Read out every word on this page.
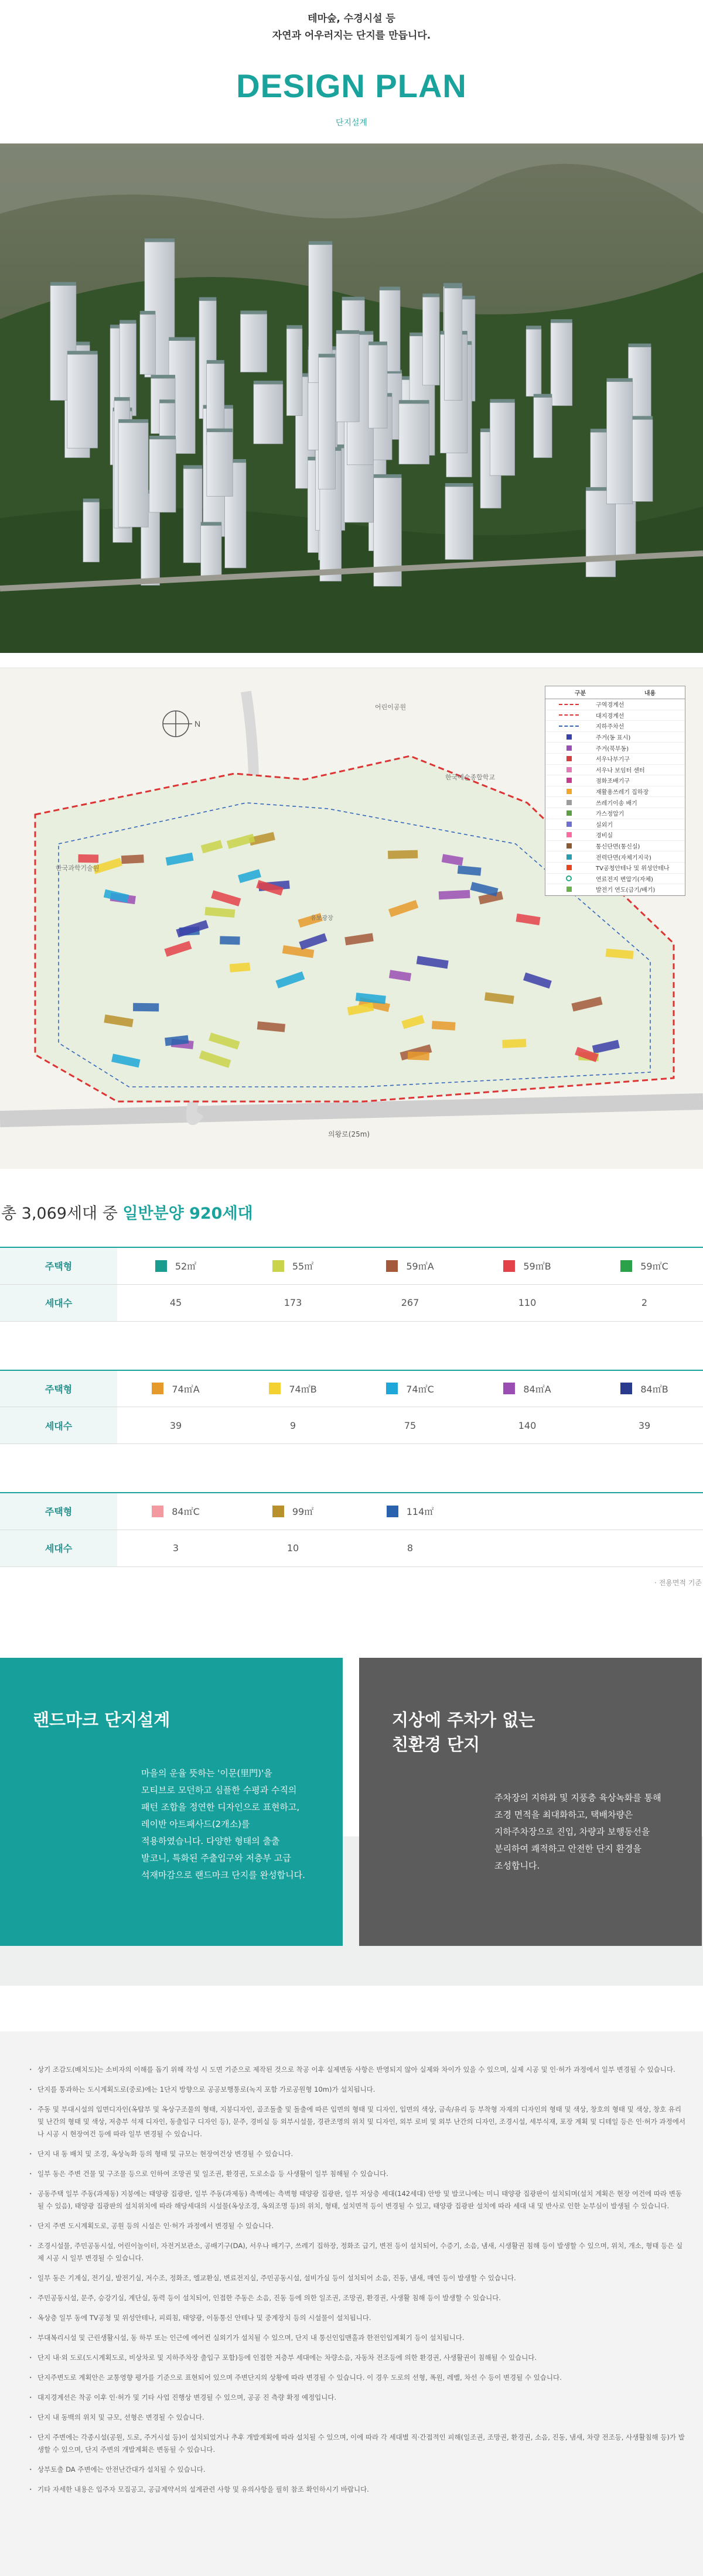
테마숲, 수경시설 등
자연과 어우러지는 단지를 만듭니다.
DESIGN PLAN
단지설계
N
어린이공원
한국예술종합학교
한국과학기술원
의왕로(25m)
유보광장
구분	내용
구역경계선
대지경계선
지하주차선
주거(동 표시)
주거(북부동)
서우나부기구
서우나 보임터 센터
점화조배기구
재활용쓰레기 집하장
쓰레기이송 배기
가스정압기
실외기
경비실
통신단면(통신실)
전력단면(자체기지국)
TV공청안테나 및 위성안테나
연료전지 변압기(자체)
발전기 연도(급기/배기)
총 3,069세대 중 일반분양 920세대
주택형	52㎡	55㎡	59㎡A	59㎡B	59㎡C
세대수	45	173	267	110	2
주택형	74㎡A	74㎡B	74㎡C	84㎡A	84㎡B
세대수	39	9	75	140	39
주택형	84㎡C	99㎡	114㎡		
세대수	3	10	8		
· 전용면적 기준
랜드마크 단지설계
마을의 운율 뜻하는 '이문(里門)'을
모티브로 모던하고 심플한 수평과 수직의
패턴 조합을 정연한 디자인으로 표현하고,
레이반 아트패사드(2개소)를
적용하였습니다. 다양한 형태의 출출
발코니, 특화된 주출입구와 저층부 고급
석재마감으로 랜드마크 단지를 완성합니다.
지상에 주차가 없는
친환경 단지
주차장의 지하화 및 지풍층 육상녹화를 통해
조경 면적을 최대화하고, 택배차량은
지하주차장으로 진입, 차량과 보행동선을
분리하여 쾌적하고 안전한 단지 환경을
조성합니다.
· 상기 조감도(배치도)는 소비자의 이해를 돕기 위해 작성 시 도면 기준으로 제작된 것으로 착공 이후 실제변동 사항은 반영되지 않아 실제와 차이가 있을 수 있으며, 실제 시공 및 인·허가 과정에서 일부 변경될 수 있습니다.
· 단지를 통과하는 도시계획도로(중로)에는 1단지 방향으로 공공보행통로(녹지 포함 가로공원형 10m)가 설치됩니다.
· 주동 및 부대시설의 입면디자인(옥탑부 및 옥상구조물의 형태, 지붕디자인, 골조돌출 및 돌출에 따른 입면의 형태 및 디자인, 입면의 색상, 금속/유리 등 부착형 자재의 디자인의 형태 및 색상, 창호의 형태 및 색상, 창호 유리 및 난간의 형태 및 색상, 저층부 석재 디자인, 동출입구 디자인 등), 문주, 경비실 등 외부시설물, 경관조명의 위치 및 디자인, 외부 로비 및 외부 난간의 디자인, 조경시설, 세부식재, 포장 계획 및 디테일 등은 인·허가 과정에서나 시공 시 현장여건 등에 따라 일부 변경될 수 있습니다.
· 단지 내 동 배치 및 조경, 옥상녹화 등의 형태 및 규모는 현장여건상 변경될 수 있습니다.
· 일부 동은 주변 건물 및 구조물 등으로 인하여 조망권 및 일조권, 환경권, 도로소음 등 사생활이 일부 침해될 수 있습니다.
· 공동주택 일부 주동(과제동) 지붕에는 태양광 집광판, 일부 주동(과제동) 측벽에는 측벽형 태양광 집광판, 일부 저상층 세대(142세대) 안방 및 발코니에는 미니 태양광 집광판이 설치되며(설치 계획은 현장 여건에 따라 변동될 수 있음), 태양광 집광판의 설치위치에 따라 해당세대의 시설물(옥상조경, 옥외조명 등)의 위치, 형태, 설치면적 등이 변경될 수 있고, 태양광 집광판 설치에 따라 세대 내 및 반사로 인한 눈부심이 발생될 수 있습니다.
· 단지 주변 도시계획도로, 공원 등의 시설은 인·허가 과정에서 변경될 수 있습니다.
· 조경시설물, 주민공동시설, 어린이놀이터, 자전거보관소, 공배기구(DA), 서우나 배기구, 쓰레기 집하장, 정화조 급기, 변전 등이 설치되어, 수증기, 소음, 냄새, 시생활권 침해 등이 발생할 수 있으며, 위치, 개소, 형태 등은 실제 시공 시 일부 변경될 수 있습니다.
· 일부 동은 기계실, 전기실, 발전기실, 저수조, 정화조, 엘교환실, 변료전지실, 주민공동시설, 설비가실 등이 설치되어 소음, 진동, 냄새, 매연 등이 발생할 수 있습니다.
· 주민공동시설, 문주, 승강기실, 계단실, 동력 등이 설치되어, 인접한 주동은 소음, 진동 등에 의한 일조권, 조망권, 환경권, 사생활 침해 등이 발생할 수 있습니다.
· 옥상층 일부 동에 TV공청 및 위성안테나, 피뢰침, 태양광, 이동통신 안테나 및 중계장치 등의 시설물이 설치됩니다.
· 부대복리시설 및 근린생활시설, 동 하부 또는 인근에 에어컨 실외기가 설치될 수 있으며, 단지 내 통신인입맨홀과 한전인입계획기 등이 설치됩니다.
· 단지 내·외 도로(도시계획도로, 비상차로 및 지하주차장 출입구 포함)등에 인접한 저층부 세대에는 차량소음, 자동차 전조등에 의한 환경권, 사생활권이 침해될 수 있습니다.
· 단지주변도로 계획안은 교통영향 평가를 기준으로 표현되어 있으며 주변단지의 상황에 따라 변경될 수 있습니다. 이 경우 도로의 선형, 폭원, 레벨, 차선 수 등이 변경될 수 있습니다.
· 대지경계선은 착공 이후 인·허가 및 기타 사업 진행상 변경될 수 있으며, 공공 진 측량 확정 예정입니다.
· 단지 내 동백의 위치 및 규모, 선형은 변경될 수 있습니다.
· 단지 주변에는 각종시설(공원, 도로, 주거시설 등)이 설치되었거나 추후 개발계획에 따라 설치될 수 있으며, 이에 따라 각 세대별 직·간접적인 피해(일조권, 조망권, 환경권, 소음, 진동, 냄새, 차량 전조등, 사생활침해 등)가 발생할 수 있으며, 단지 주변의 개발계획은 변동될 수 있습니다.
· 상부토출 DA 주변에는 안전난간대가 설치될 수 있습니다.
· 기타 자세한 내용은 입주자 모집공고, 공급계약서의 설계관련 사항 및 유의사항을 필히 참조 확인하시기 바랍니다.
